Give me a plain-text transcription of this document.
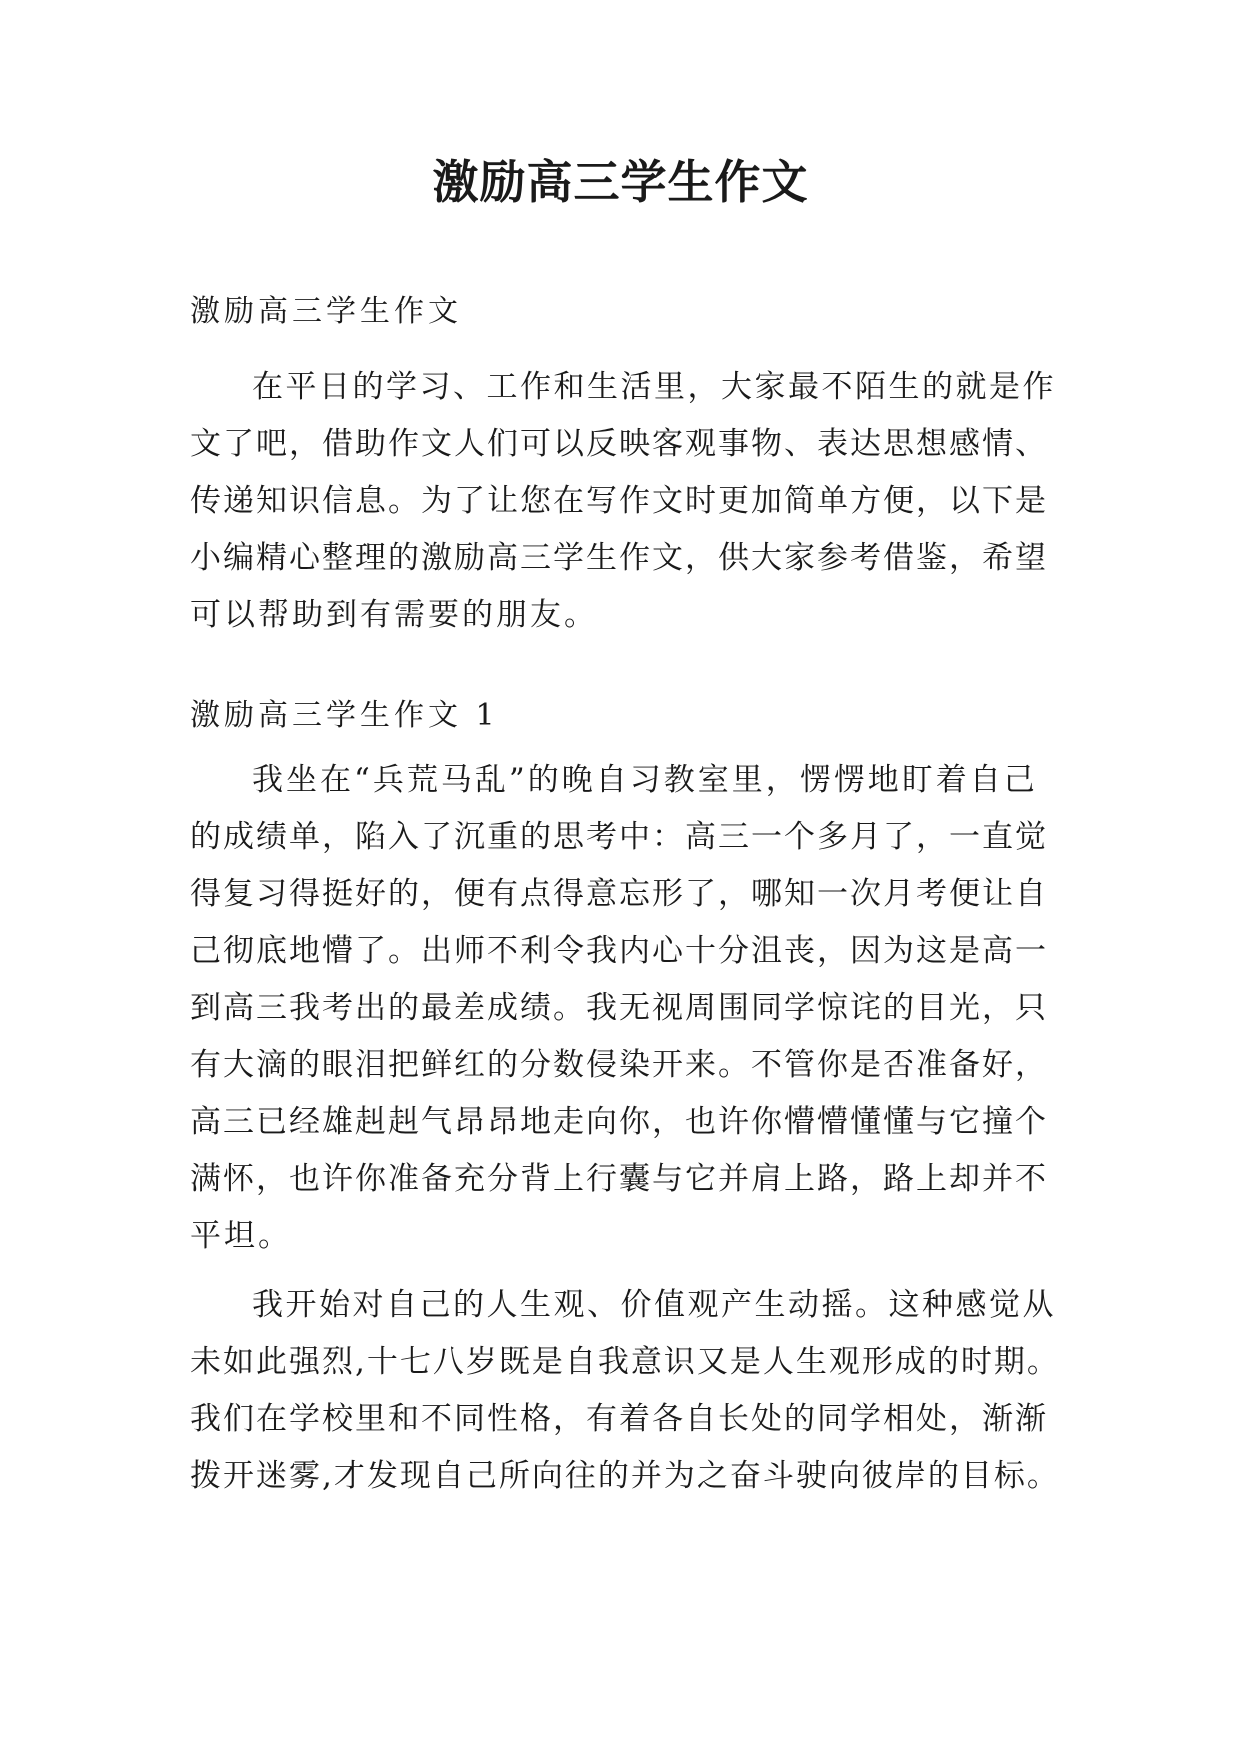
激励高三学生作文
激励高三学生作文
在平日的学习、工作和生活里，大家最不陌生的就是作
文了吧，借助作文人们可以反映客观事物、表达思想感情、
传递知识信息。为了让您在写作文时更加简单方便，以下是
小编精心整理的激励高三学生作文，供大家参考借鉴，希望
可以帮助到有需要的朋友。
激励高三学生作文 1
我坐在“兵荒马乱”的晚自习教室里，愣愣地盯着自己
的成绩单，陷入了沉重的思考中：高三一个多月了，一直觉
得复习得挺好的，便有点得意忘形了，哪知一次月考便让自
己彻底地懵了。出师不利令我内心十分沮丧，因为这是高一
到高三我考出的最差成绩。我无视周围同学惊诧的目光，只
有大滴的眼泪把鲜红的分数侵染开来。不管你是否准备好，
高三已经雄赳赳气昂昂地走向你，也许你懵懵懂懂与它撞个
满怀，也许你准备充分背上行囊与它并肩上路，路上却并不
平坦。
我开始对自己的人生观、价值观产生动摇。这种感觉从
未如此强烈,十七八岁既是自我意识又是人生观形成的时期。
我们在学校里和不同性格，有着各自长处的同学相处，渐渐
拨开迷雾,才发现自己所向往的并为之奋斗驶向彼岸的目标。
